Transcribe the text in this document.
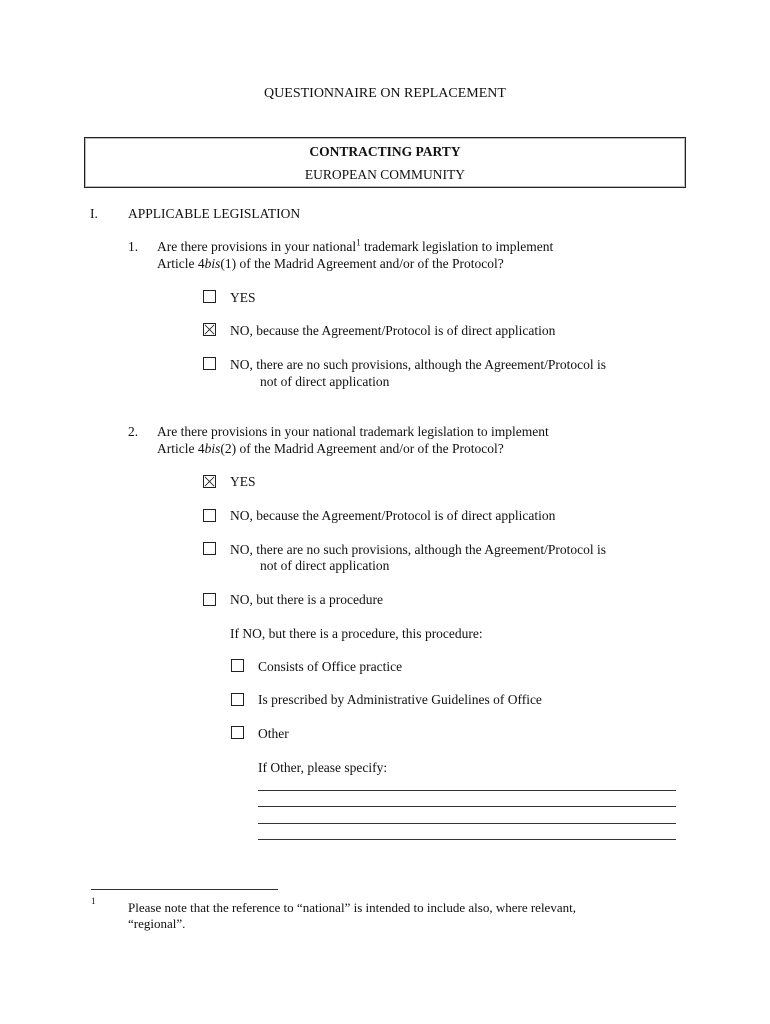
QUESTIONNAIRE ON REPLACEMENT
CONTRACTING PARTY
EUROPEAN COMMUNITY
I. APPLICABLE LEGISLATION
1. Are there provisions in your national$^1$ trademark legislation to implement
Article 4bis(1) of the Madrid Agreement and/or of the Protocol?
YES
NO, because the Agreement/Protocol is of direct application
NO, there are no such provisions, although the Agreement/Protocol is
not of direct application
2. Are there provisions in your national trademark legislation to implement
Article 4bis(2) of the Madrid Agreement and/or of the Protocol?
YES
NO, because the Agreement/Protocol is of direct application
NO, there are no such provisions, although the Agreement/Protocol is
not of direct application
NO, but there is a procedure
If NO, but there is a procedure, this procedure:
Consists of Office practice
Is prescribed by Administrative Guidelines of Office
Other
If Other, please specify:
1	Please note that the reference to “national” is intended to include also, where relevant,
“regional”.
